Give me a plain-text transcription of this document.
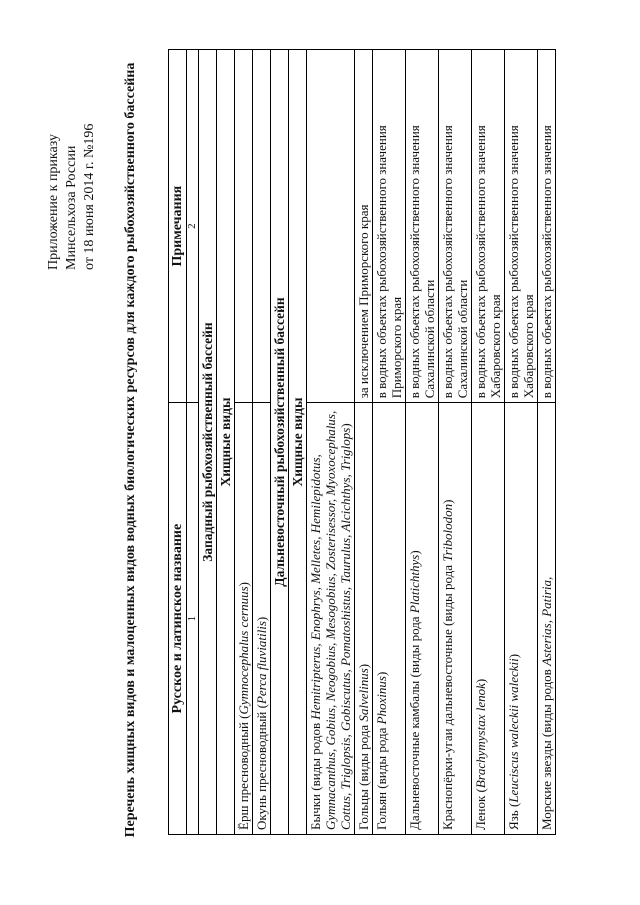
Приложение к приказу Минсельхоза России от 18 июня 2014 г. №196 Перечень хищных видов и малоценных видов водных биологических ресурсов для каждого рыбохозяйственного бассейна Русское и латинское название	Примечания
1	2
Западный рыбохозяйственный бассейн	
Хищные виды	
Ёрш пресноводный (Gymnocephalus cernuus)	
Окунь пресноводный (Perca fluviatilis)	
Дальневосточный рыбохозяйственный бассейн	
Хищные виды	
Бычки (виды родов Hemitripterus, Enophrys, Melletes, Hemilepidotus, Gymnacanthus, Gobius, Neogobius, Mesogobius, Zosterisessor, Myoxocephalus, Cottus, Triglopsis, Gobiscutus, Pomatoshistus, Taurulus, Alcichthys, Triglops)	
Гольцы (виды рода Salvelinus)	за исключением Приморского края
Гольян (виды рода Phoxinus)	в водных объектах рыбохозяйственного значения Приморского края
Дальневосточные камбалы (виды рода Platichthys)	в водных объектах рыбохозяйственного значения Сахалинской области
Краснопёрки-угаи дальневосточные (виды рода Tribolodon)	в водных объектах рыбохозяйственного значения Сахалинской области
Ленок (Brachymystax lenok)	в водных объектах рыбохозяйственного значения Хабаровского края
Язь (Leuciscus waleckii waleckii)	в водных объектах рыбохозяйственного значения Хабаровского края
Морские звезды (виды родов Asterias, Patiria,	в водных объектах рыбохозяйственного значения
